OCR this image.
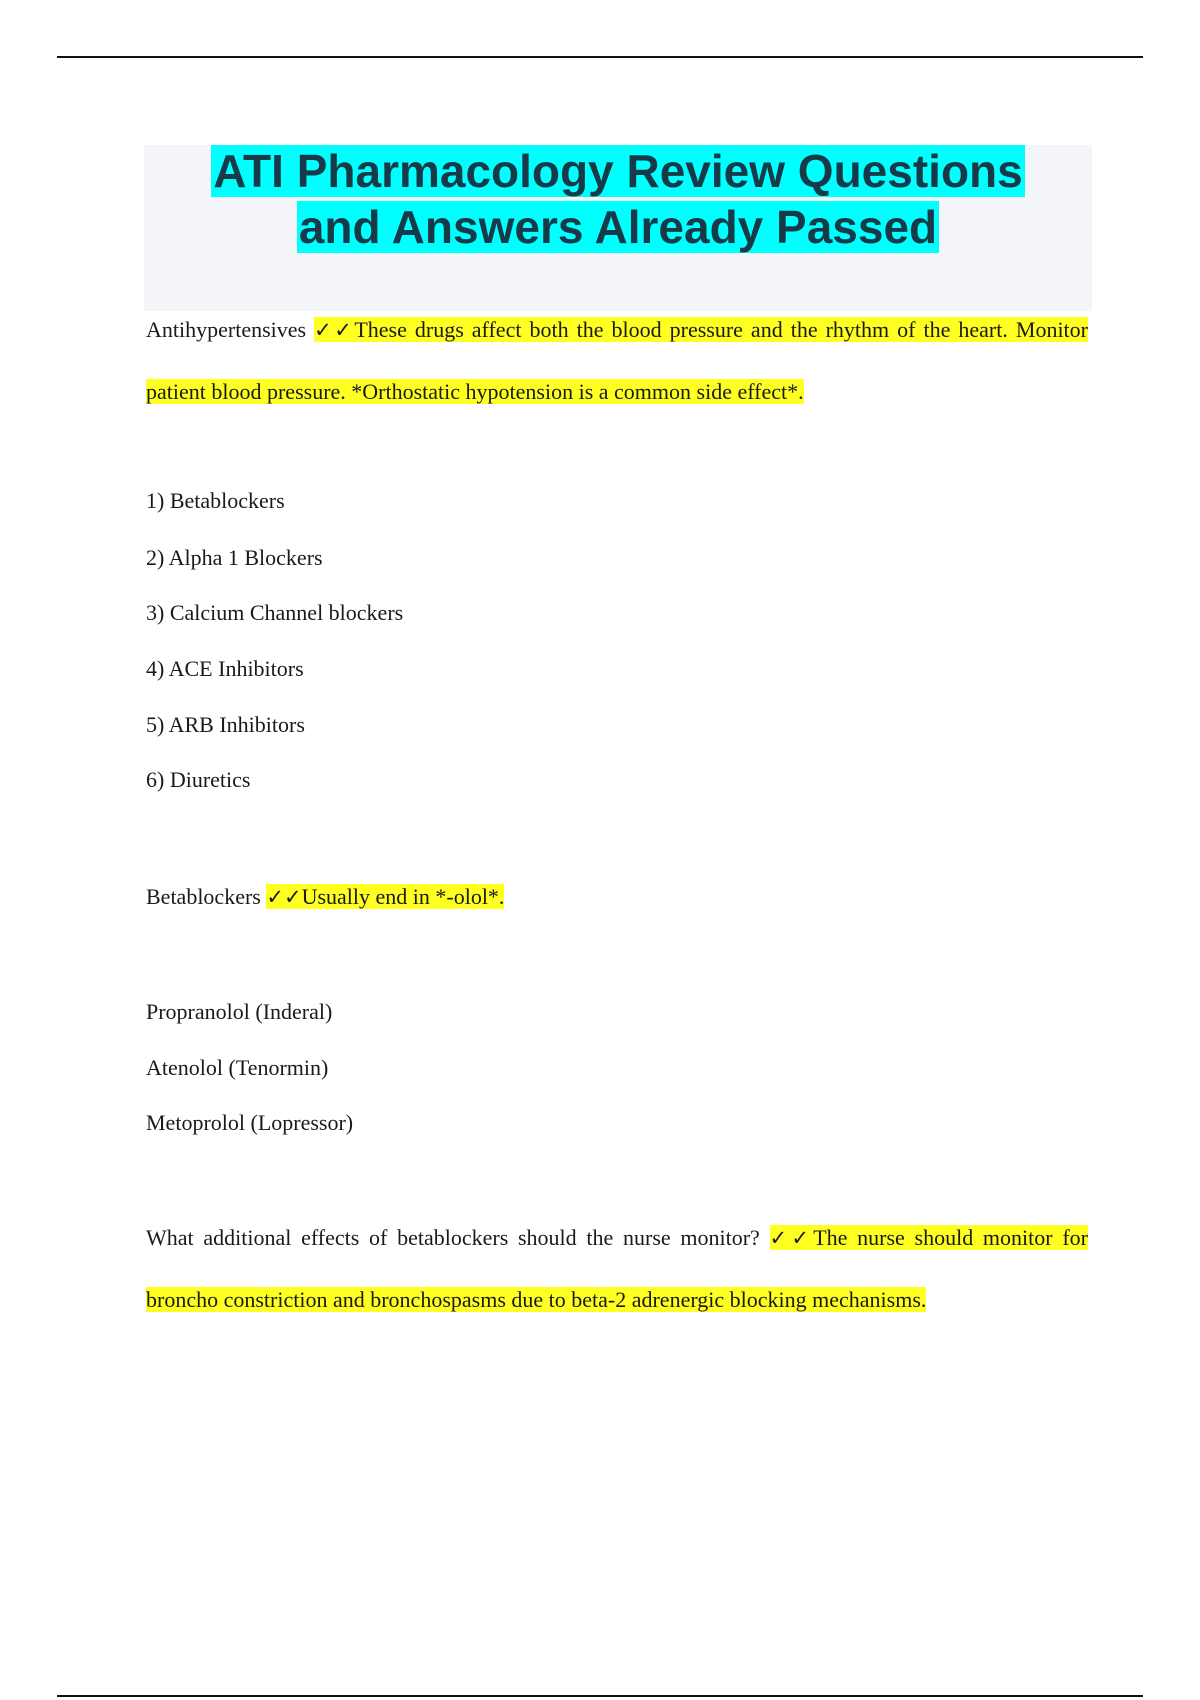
ATI Pharmacology Review Questions
and Answers Already Passed

Antihypertensives ✓✓These drugs affect both the blood pressure and the rhythm of the heart. Monitor patient blood pressure. *Orthostatic hypotension is a common side effect*.

1) Betablockers

2) Alpha 1 Blockers

3) Calcium Channel blockers

4) ACE Inhibitors

5) ARB Inhibitors

6) Diuretics

Betablockers ✓✓Usually end in *-olol*.

Propranolol (Inderal)

Atenolol (Tenormin)

Metoprolol (Lopressor)

What additional effects of betablockers should the nurse monitor? ✓✓The nurse should monitor for broncho constriction and bronchospasms due to beta-2 adrenergic blocking mechanisms.
